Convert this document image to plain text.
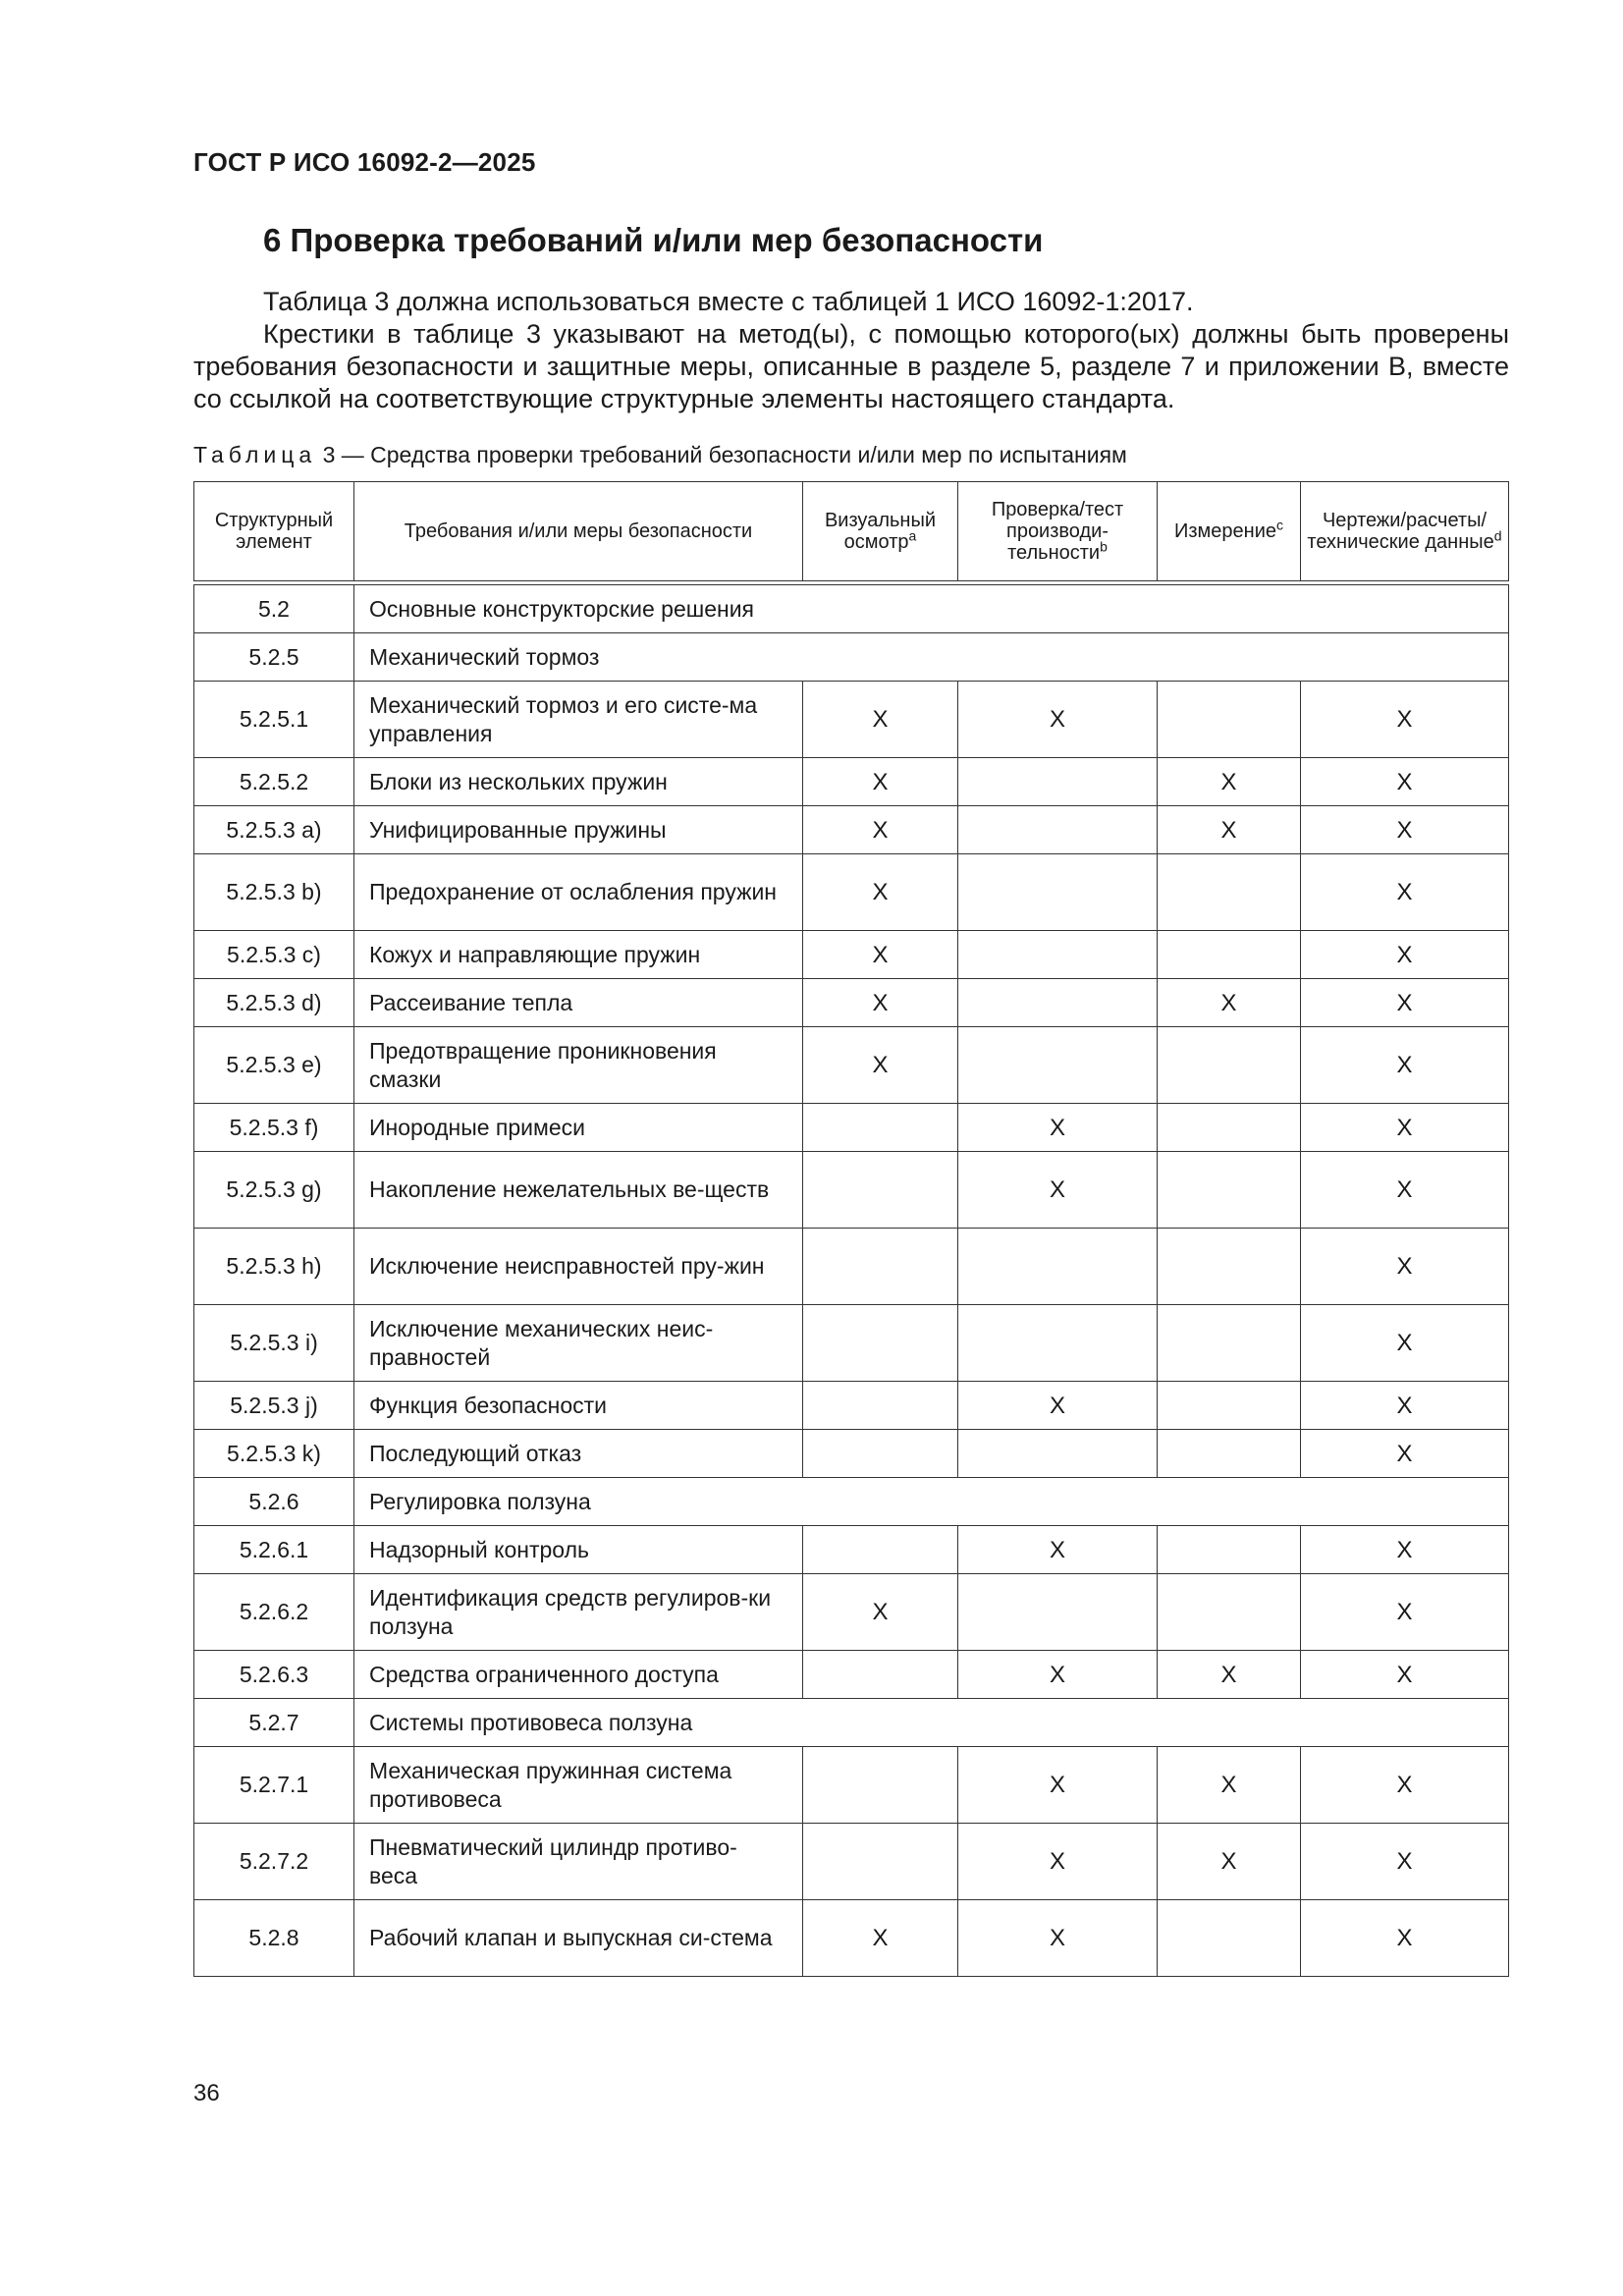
ГОСТ Р ИСО 16092-2—2025
6 Проверка требований и/или мер безопасности
Таблица 3 должна использоваться вместе с таблицей 1 ИСО 16092-1:2017.
Крестики в таблице 3 указывают на метод(ы), с помощью которого(ых) должны быть проверены требования безопасности и защитные меры, описанные в разделе 5, разделе 7 и приложении В, вместе со ссылкой на соответствующие структурные элементы настоящего стандарта.
Таблица 3 — Средства проверки требований безопасности и/или мер по испытаниям
Структурный элемент	Требования и/или меры безопасности	Визуальный осмотр$^a$	Проверка/тест производи-тельности$^b$	Измерение$^c$	Чертежи/расчеты/ технические данные$^d$

5.2	Основные конструкторские решения				
5.2.5	Механический тормоз				
5.2.5.1	Механический тормоз и его систе-ма управления	X	X		X
5.2.5.2	Блоки из нескольких пружин	X		X	X
5.2.5.3 a)	Унифицированные пружины	X		X	X
5.2.5.3 b)	Предохранение от ослабления пружин	X			X
5.2.5.3 c)	Кожух и направляющие пружин	X			X
5.2.5.3 d)	Рассеивание тепла	X		X	X
5.2.5.3 e)	Предотвращение проникновения смазки	X			X
5.2.5.3 f)	Инородные примеси		X		X
5.2.5.3 g)	Накопление нежелательных ве-ществ		X		X
5.2.5.3 h)	Исключение неисправностей пру-жин				X
5.2.5.3 i)	Исключение механических неис-правностей				X
5.2.5.3 j)	Функция безопасности		X		X
5.2.5.3 k)	Последующий отказ				X
5.2.6	Регулировка ползуна				
5.2.6.1	Надзорный контроль		X		X
5.2.6.2	Идентификация средств регулиров-ки ползуна	X			X
5.2.6.3	Средства ограниченного доступа		X	X	X
5.2.7	Системы противовеса ползуна				
5.2.7.1	Механическая пружинная система противовеса		X	X	X
5.2.7.2	Пневматический цилиндр противо-веса		X	X	X
5.2.8	Рабочий клапан и выпускная си-стема	X	X		X
36
